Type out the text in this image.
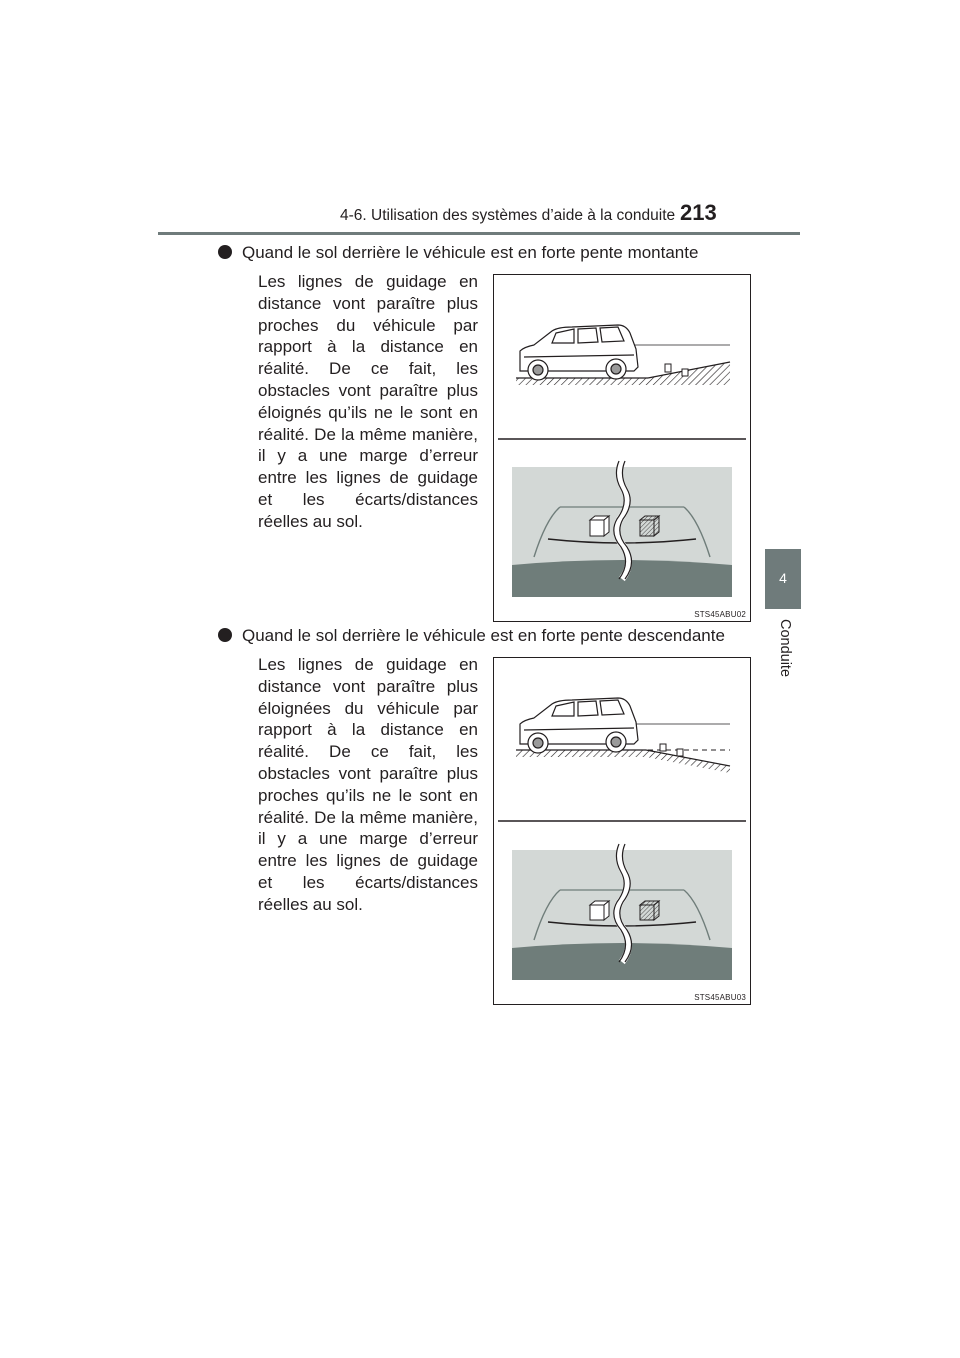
4-6. Utilisation des systèmes d’aide à la conduite 213
4
Conduite
Quand le sol derrière le véhicule est en forte pente montante
Les lignes de guidage en distance vont paraître plus proches du véhicule par rapport à la distance en réalité. De ce fait, les obstacles vont paraître plus éloignés qu’ils ne le sont en réalité. De la même manière, il y a une marge d’erreur entre les lignes de guidage et les écarts/distances réelles au sol.
STS45ABU02
Quand le sol derrière le véhicule est en forte pente descendante
Les lignes de guidage en distance vont paraître plus éloignées du véhicule par rapport à la distance en réalité. De ce fait, les obstacles vont paraître plus proches qu’ils ne le sont en réalité. De la même manière, il y a une marge d’erreur entre les lignes de guidage et les écarts/distances réelles au sol.
STS45ABU03
